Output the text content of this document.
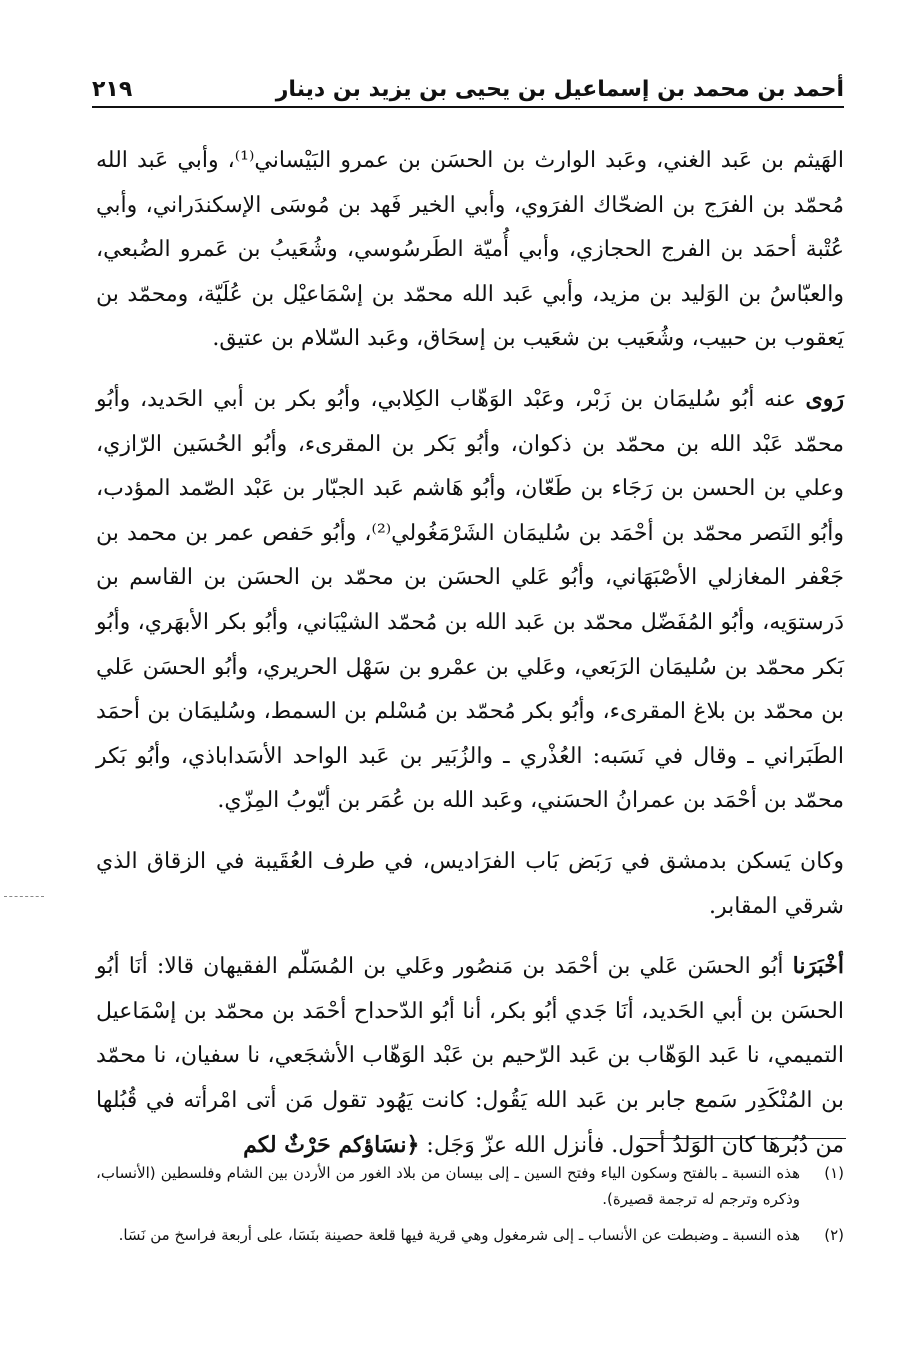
أحمد بن محمد بن إسماعيل بن يحيى بن يزيد بن دينار
٢١٩

الهَيثم بن عَبد الغني، وعَبد الوارث بن الحسَن بن عمرو البَيْساني⁽¹⁾، وأبي عَبد الله مُحمّد بن الفرَج بن الضحّاك الفرَوي، وأبي الخير فَهد بن مُوسَى الإسكندَراني، وأبي عُتْبة أحمَد بن الفرج الحجازي، وأبي أُميّة الطَرسُوسي، وشُعَيبُ بن عَمرو الضُبعي، والعبّاسُ بن الوَليد بن مزيد، وأبي عَبد الله محمّد بن إسْمَاعيْل بن عُلَيّة، ومحمّد بن يَعقوب بن حبيب، وشُعَيب بن شعَيب بن إسحَاق، وعَبد السّلام بن عتيق.

رَوى عنه أبُو سُليمَان بن زَبْر، وعَبْد الوَهّاب الكِلابي، وأبُو بكر بن أبي الحَديد، وأبُو محمّد عَبْد الله بن محمّد بن ذكوان، وأبُو بَكر بن المقرىء، وأبُو الحُسَين الرّازي، وعلي بن الحسن بن رَجَاء بن طَعّان، وأبُو هَاشم عَبد الجبّار بن عَبْد الصّمد المؤدب، وأبُو النَصر محمّد بن أحْمَد بن سُليمَان الشَرْمَغُولي⁽²⁾، وأبُو حَفص عمر بن محمد بن جَعْفر المغازلي الأصْبَهَاني، وأبُو عَلي الحسَن بن محمّد بن الحسَن بن القاسم بن دَرستوَيه، وأبُو المُفَضّل محمّد بن عَبد الله بن مُحمّد الشيْبَاني، وأبُو بكر الأبهَري، وأبُو بَكر محمّد بن سُليمَان الرَبَعي، وعَلي بن عمْرو بن سَهْل الحريري، وأبُو الحسَن عَلي بن محمّد بن بلاغ المقرىء، وأبُو بكر مُحمّد بن مُسْلم بن السمط، وسُليمَان بن أحمَد الطَبَراني ـ وقال في نَسَبه: العُذْري ـ والزُبَير بن عَبد الواحد الأسَداباذي، وأبُو بَكر محمّد بن أحْمَد بن عمرانُ الحسَني، وعَبد الله بن عُمَر بن أيّوبُ المِزّي.

وكان يَسكن بدمشق في رَبَض بَاب الفرَاديس، في طرف العُقَيبة في الزقاق الذي شرقي المقابر.

أخْبَرَنا أبُو الحسَن عَلي بن أحْمَد بن مَنصُور وعَلي بن المُسَلّم الفقيهان قالا: أنَا أبُو الحسَن بن أبي الحَديد، أنَا جَدي أبُو بكر، أنا أبُو الدّحداح أحْمَد بن محمّد بن إسْمَاعيل التميمي، نا عَبد الوَهّاب بن عَبد الرّحيم بن عَبْد الوَهّاب الأشجَعي، نا سفيان، نا محمّد بن المُنْكَدِر سَمع جابر بن عَبد الله يَقُول: كانت يَهُود تقول مَن أتى امْرأته في قُبُلها من دُبُرهَا كان الوَلدُ أحول. فأنزل الله عزّ وَجَل: ﴿نسَاؤكم حَرْثٌ لكم

(١)
هذه النسبة ـ بالفتح وسكون الياء وفتح السين ـ إلى بيسان من بلاد الغور من الأردن بين الشام وفلسطين (الأنساب، وذكره وترجم له ترجمة قصيرة).
(٢)
هذه النسبة ـ وضبطت عن الأنساب ـ إلى شرمغول وهي قرية فيها قلعة حصينة بنَسَا، على أربعة فراسخ من نَسَا.
